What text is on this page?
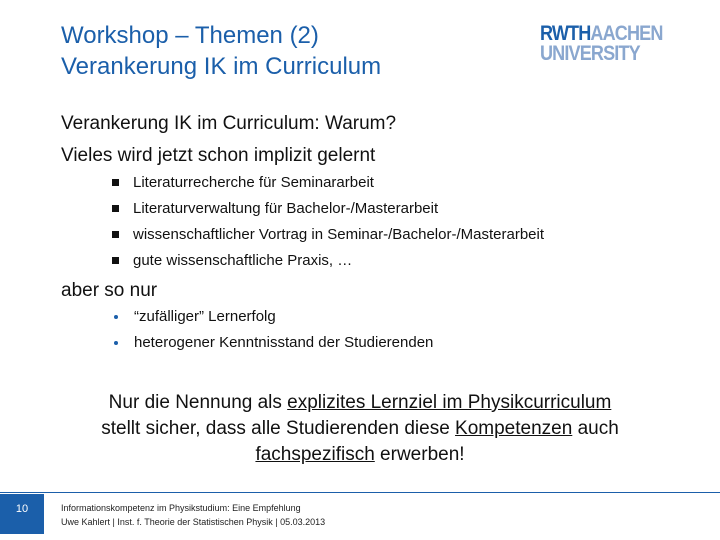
Workshop – Themen (2)
Verankerung IK im Curriculum
RWTHAACHEN
UNIVERSITY
Verankerung IK im Curriculum: Warum?
Vieles wird jetzt schon implizit gelernt
Literaturrecherche für Seminararbeit
Literaturverwaltung für Bachelor-/Masterarbeit
wissenschaftlicher Vortrag in Seminar-/Bachelor-/Masterarbeit
gute wissenschaftliche Praxis, …
aber so nur
“zufälliger” Lernerfolg
heterogener Kenntnisstand der Studierenden
Nur die Nennung als explizites Lernziel im Physikcurriculum
stellt sicher, dass alle Studierenden diese Kompetenzen auch
fachspezifisch erwerben!
10	Informationskompetenz im Physikstudium: Eine Empfehlung
Uwe Kahlert | Inst. f. Theorie der Statistischen Physik | 05.03.2013
